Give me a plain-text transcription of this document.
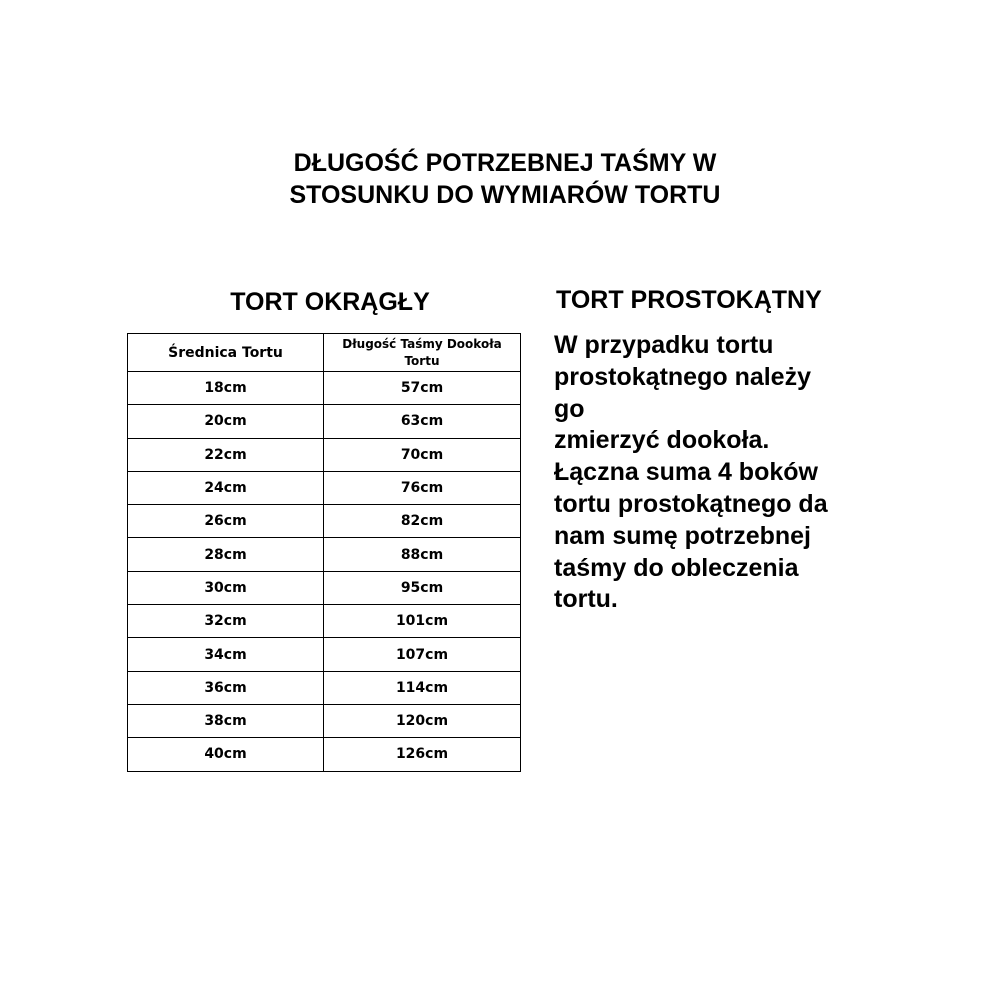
DŁUGOŚĆ POTRZEBNEJ TAŚMY W
STOSUNKU DO WYMIARÓW TORTU
TORT OKRĄGŁY
Średnica Tortu	Długość Taśmy Dookoła Tortu
18cm	57cm
20cm	63cm
22cm	70cm
24cm	76cm
26cm	82cm
28cm	88cm
30cm	95cm
32cm	101cm
34cm	107cm
36cm	114cm
38cm	120cm
40cm	126cm
TORT PROSTOKĄTNY

W przypadku tortu
prostokątnego należy
go
zmierzyć dookoła.
Łączna suma 4 boków
tortu prostokątnego da
nam sumę potrzebnej
taśmy do obleczenia
tortu.
